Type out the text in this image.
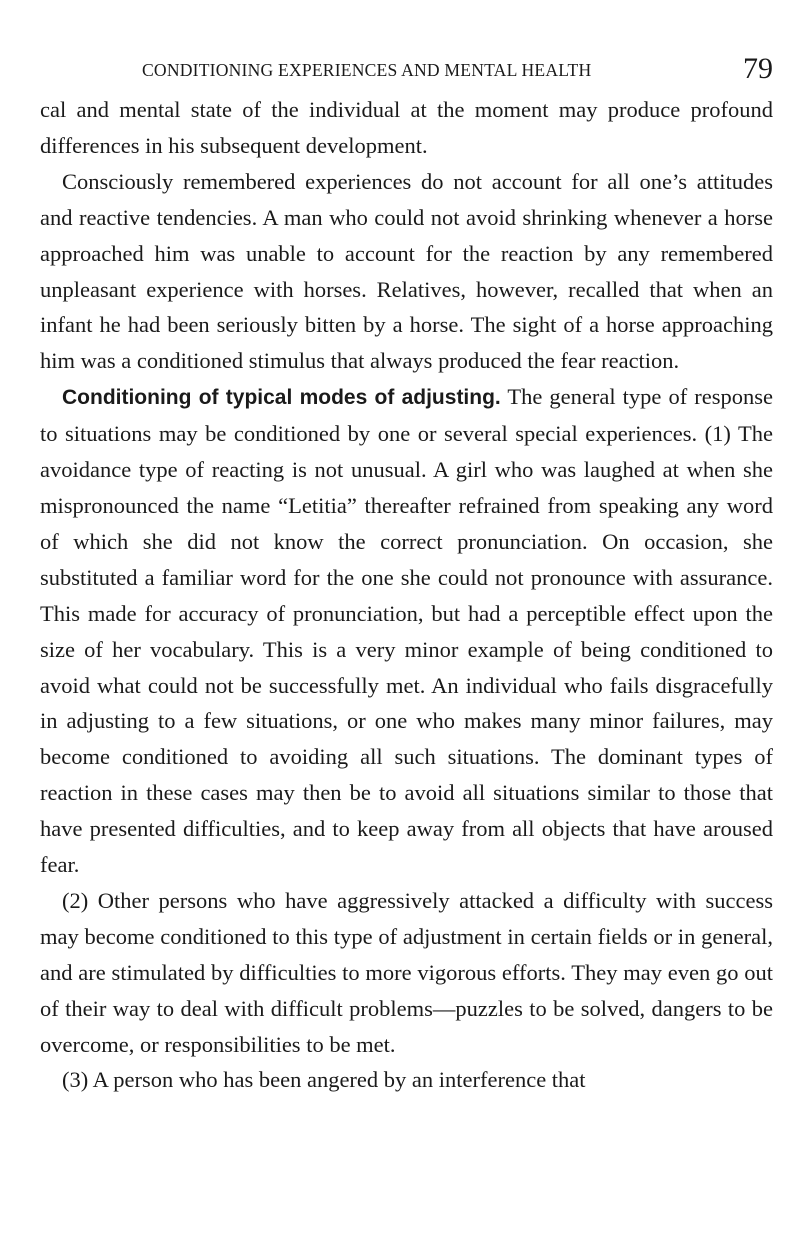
CONDITIONING EXPERIENCES AND MENTAL HEALTH	79

cal and mental state of the individual at the moment may produce profound differences in his subsequent development.

Consciously remembered experiences do not account for all one’s attitudes and reactive tendencies. A man who could not avoid shrinking whenever a horse approached him was unable to account for the reaction by any remembered unpleasant experience with horses. Relatives, however, recalled that when an infant he had been seriously bitten by a horse. The sight of a horse approaching him was a conditioned stimulus that always produced the fear reaction.

Conditioning of typical modes of adjusting. The general type of response to situations may be conditioned by one or several special experiences. (1) The avoidance type of reacting is not unusual. A girl who was laughed at when she mispronounced the name “Letitia” thereafter refrained from speaking any word of which she did not know the correct pronunciation. On occasion, she substituted a familiar word for the one she could not pronounce with assurance. This made for accuracy of pronunciation, but had a perceptible effect upon the size of her vocabulary. This is a very minor example of being conditioned to avoid what could not be successfully met. An individual who fails disgracefully in adjusting to a few situations, or one who makes many minor failures, may become conditioned to avoiding all such situations. The dominant types of reaction in these cases may then be to avoid all situations similar to those that have presented difficulties, and to keep away from all objects that have aroused fear.

(2) Other persons who have aggressively attacked a difficulty with success may become conditioned to this type of adjustment in certain fields or in general, and are stimulated by difficulties to more vigorous efforts. They may even go out of their way to deal with difficult problems—puzzles to be solved, dangers to be overcome, or responsibilities to be met.

(3) A person who has been angered by an interference that
